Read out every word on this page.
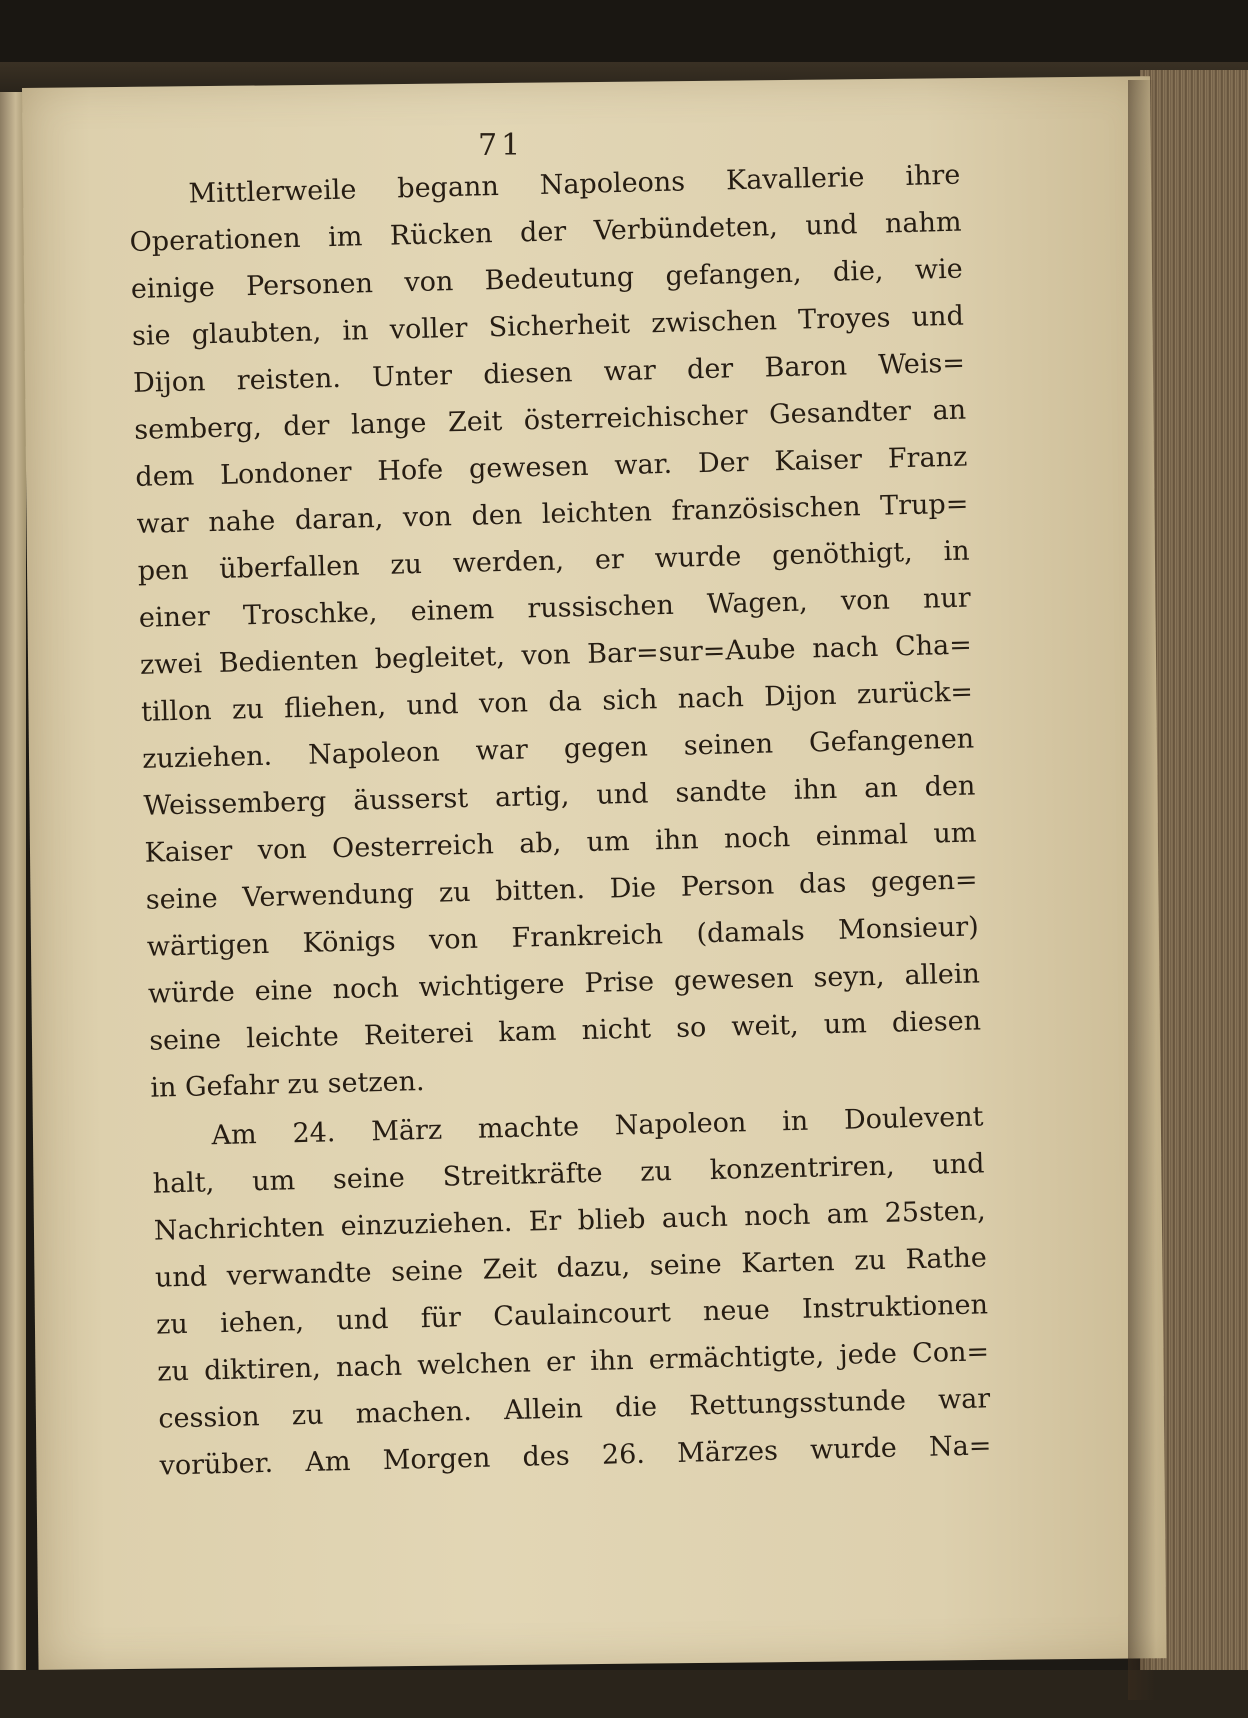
71
Mittlerweile begann Napoleons Kavallerie ihre
Operationen im Rücken der Verbündeten, und nahm
einige Personen von Bedeutung gefangen, die, wie
sie glaubten, in voller Sicherheit zwischen Troyes und
Dijon reisten. Unter diesen war der Baron Weis=
semberg, der lange Zeit österreichischer Gesandter an
dem Londoner Hofe gewesen war. Der Kaiser Franz
war nahe daran, von den leichten französischen Trup=
pen überfallen zu werden, er wurde genöthigt, in
einer Troschke, einem russischen Wagen, von nur
zwei Bedienten begleitet, von Bar=sur=Aube nach Cha=
tillon zu fliehen, und von da sich nach Dijon zurück=
zuziehen. Napoleon war gegen seinen Gefangenen
Weissemberg äusserst artig, und sandte ihn an den
Kaiser von Oesterreich ab, um ihn noch einmal um
seine Verwendung zu bitten. Die Person das gegen=
wärtigen Königs von Frankreich (damals Monsieur)
würde eine noch wichtigere Prise gewesen seyn, allein
seine leichte Reiterei kam nicht so weit, um diesen
in Gefahr zu setzen.
Am 24. März machte Napoleon in Doulevent
halt, um seine Streitkräfte zu konzentriren, und
Nachrichten einzuziehen. Er blieb auch noch am 25sten,
und verwandte seine Zeit dazu, seine Karten zu Rathe
zu iehen, und für Caulaincourt neue Instruktionen
zu diktiren, nach welchen er ihn ermächtigte, jede Con=
cession zu machen. Allein die Rettungsstunde war
vorüber. Am Morgen des 26. Märzes wurde Na=
